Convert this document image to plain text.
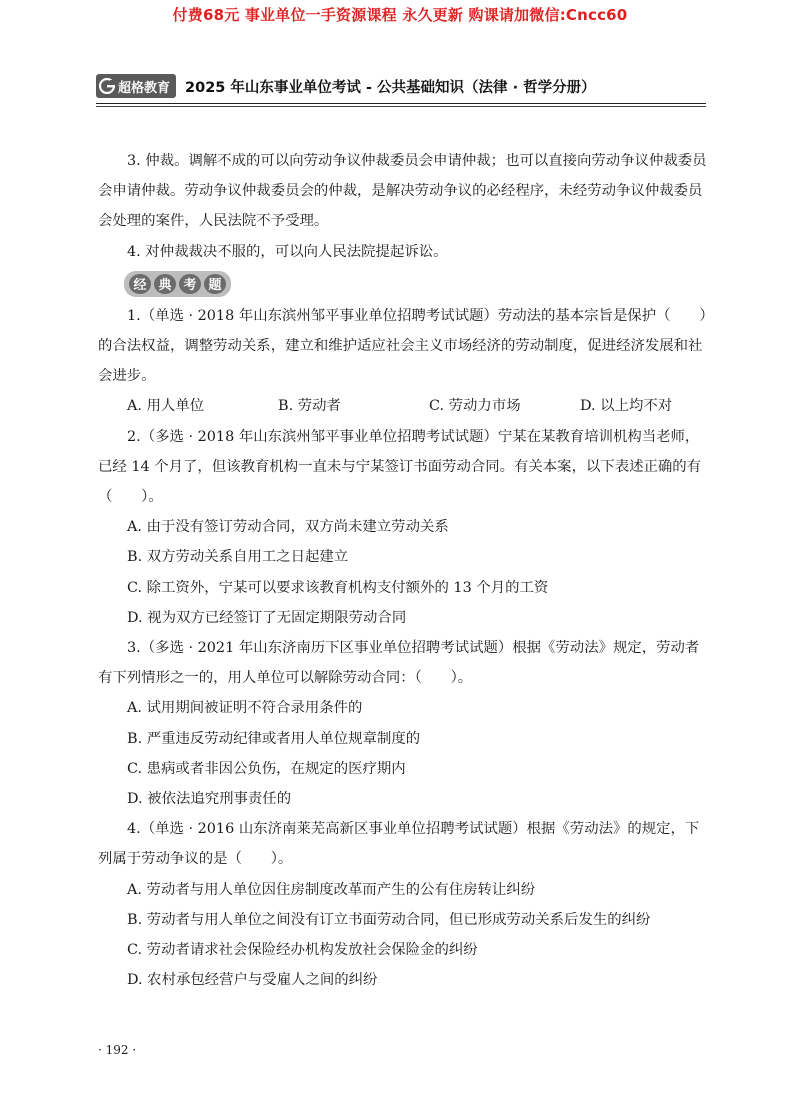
付费68元 事业单位一手资源课程 永久更新 购课请加微信:Cncc60
超格教育 2025 年山东事业单位考试 - 公共基础知识（法律 · 哲学分册）

3. 仲裁。调解不成的可以向劳动争议仲裁委员会申请仲裁；也可以直接向劳动争议仲裁委员会申请仲裁。劳动争议仲裁委员会的仲裁，是解决劳动争议的必经程序，未经劳动争议仲裁委员会处理的案件，人民法院不予受理。

4. 对仲裁裁决不服的，可以向人民法院提起诉讼。

经 典 考 题

1.（单选 · 2018 年山东滨州邹平事业单位招聘考试试题）劳动法的基本宗旨是保护（　　）的合法权益，调整劳动关系，建立和维护适应社会主义市场经济的劳动制度，促进经济发展和社会进步。

A. 用人单位	B. 劳动者	C. 劳动力市场	D. 以上均不对

2.（多选 · 2018 年山东滨州邹平事业单位招聘考试试题）宁某在某教育培训机构当老师，已经 14 个月了，但该教育机构一直未与宁某签订书面劳动合同。有关本案，以下表述正确的有（　　）。

A. 由于没有签订劳动合同，双方尚未建立劳动关系

B. 双方劳动关系自用工之日起建立

C. 除工资外，宁某可以要求该教育机构支付额外的 13 个月的工资

D. 视为双方已经签订了无固定期限劳动合同

3.（多选 · 2021 年山东济南历下区事业单位招聘考试试题）根据《劳动法》规定，劳动者有下列情形之一的，用人单位可以解除劳动合同：（　　）。

A. 试用期间被证明不符合录用条件的

B. 严重违反劳动纪律或者用人单位规章制度的

C. 患病或者非因公负伤，在规定的医疗期内

D. 被依法追究刑事责任的

4.（单选 · 2016 山东济南莱芜高新区事业单位招聘考试试题）根据《劳动法》的规定，下列属于劳动争议的是（　　）。

A. 劳动者与用人单位因住房制度改革而产生的公有住房转让纠纷

B. 劳动者与用人单位之间没有订立书面劳动合同，但已形成劳动关系后发生的纠纷

C. 劳动者请求社会保险经办机构发放社会保险金的纠纷

D. 农村承包经营户与受雇人之间的纠纷

· 192 ·
